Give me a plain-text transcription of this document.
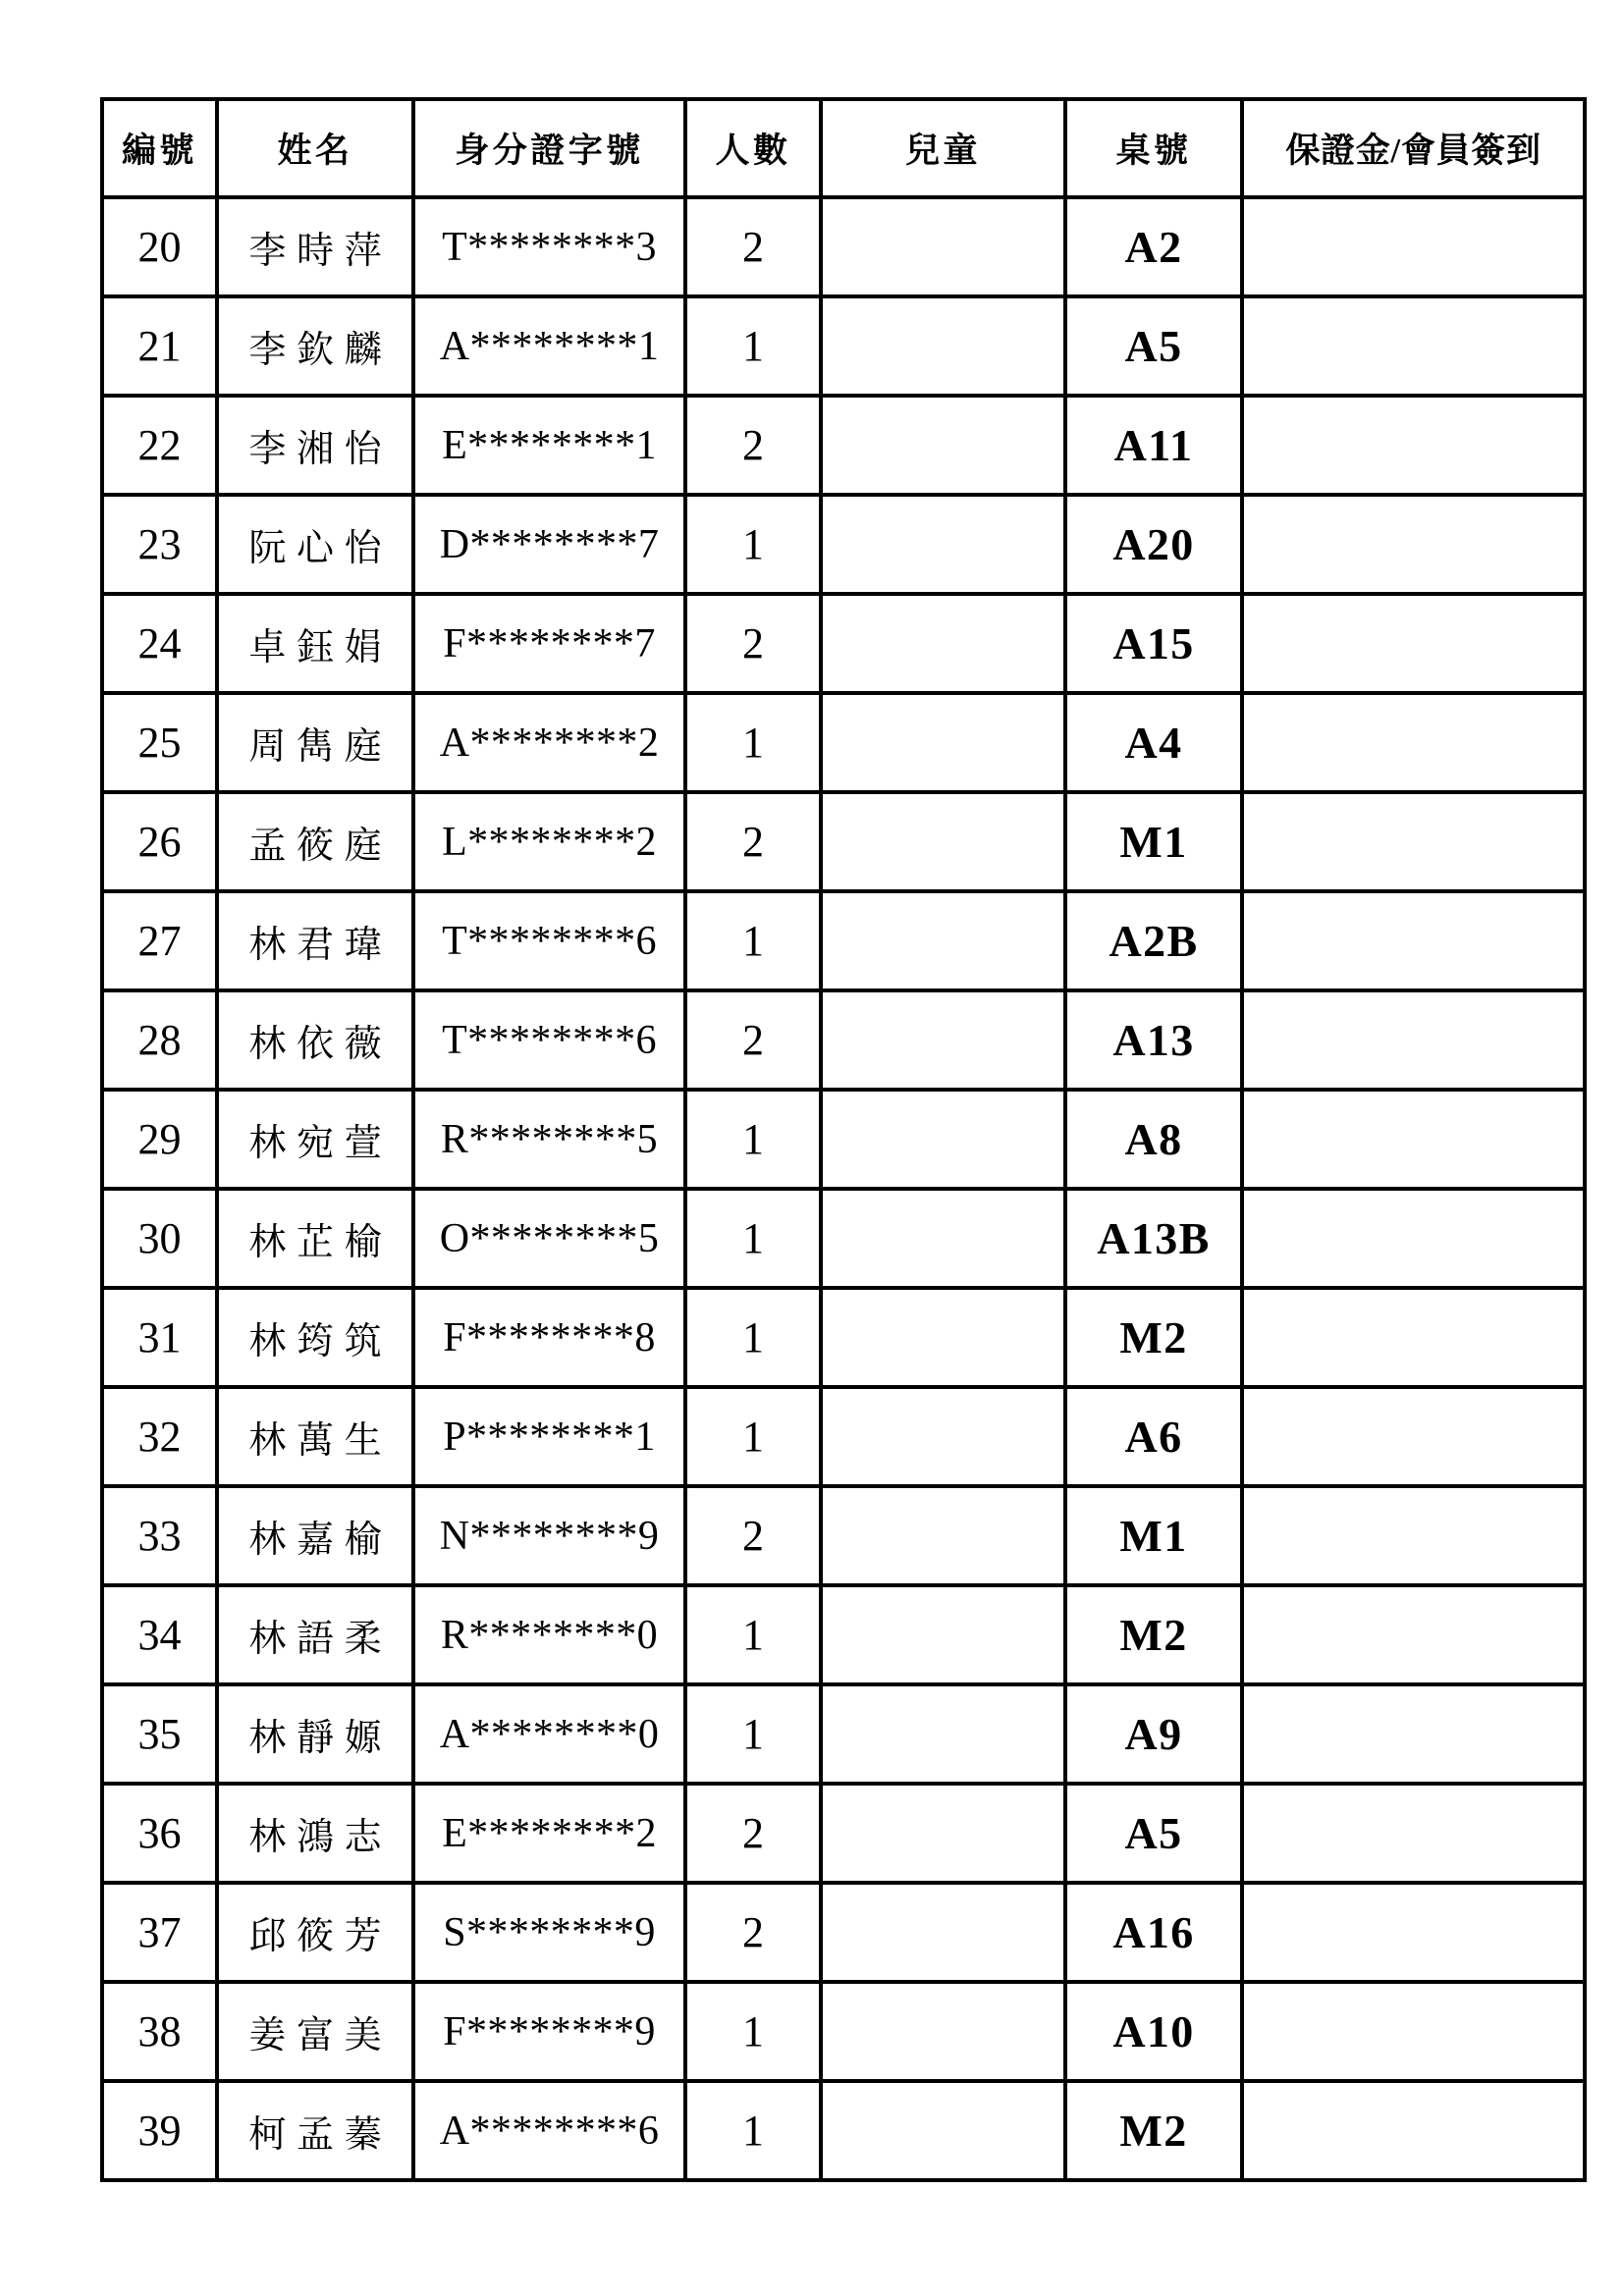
編號	姓名	身分證字號	人數	兒童	桌號	保證金/會員簽到
20	李時萍	T********3	2		A2	
21	李欽麟	A********1	1		A5	
22	李湘怡	E********1	2		A11	
23	阮心怡	D********7	1		A20	
24	卓鈺娟	F********7	2		A15	
25	周雋庭	A********2	1		A4	
26	孟筱庭	L********2	2		M1	
27	林君瑋	T********6	1		A2B	
28	林依薇	T********6	2		A13	
29	林宛萱	R********5	1		A8	
30	林芷榆	O********5	1		A13B	
31	林筠筑	F********8	1		M2	
32	林萬生	P********1	1		A6	
33	林嘉榆	N********9	2		M1	
34	林語柔	R********0	1		M2	
35	林靜嫄	A********0	1		A9	
36	林鴻志	E********2	2		A5	
37	邱筱芳	S********9	2		A16	
38	姜富美	F********9	1		A10	
39	柯孟蓁	A********6	1		M2	
